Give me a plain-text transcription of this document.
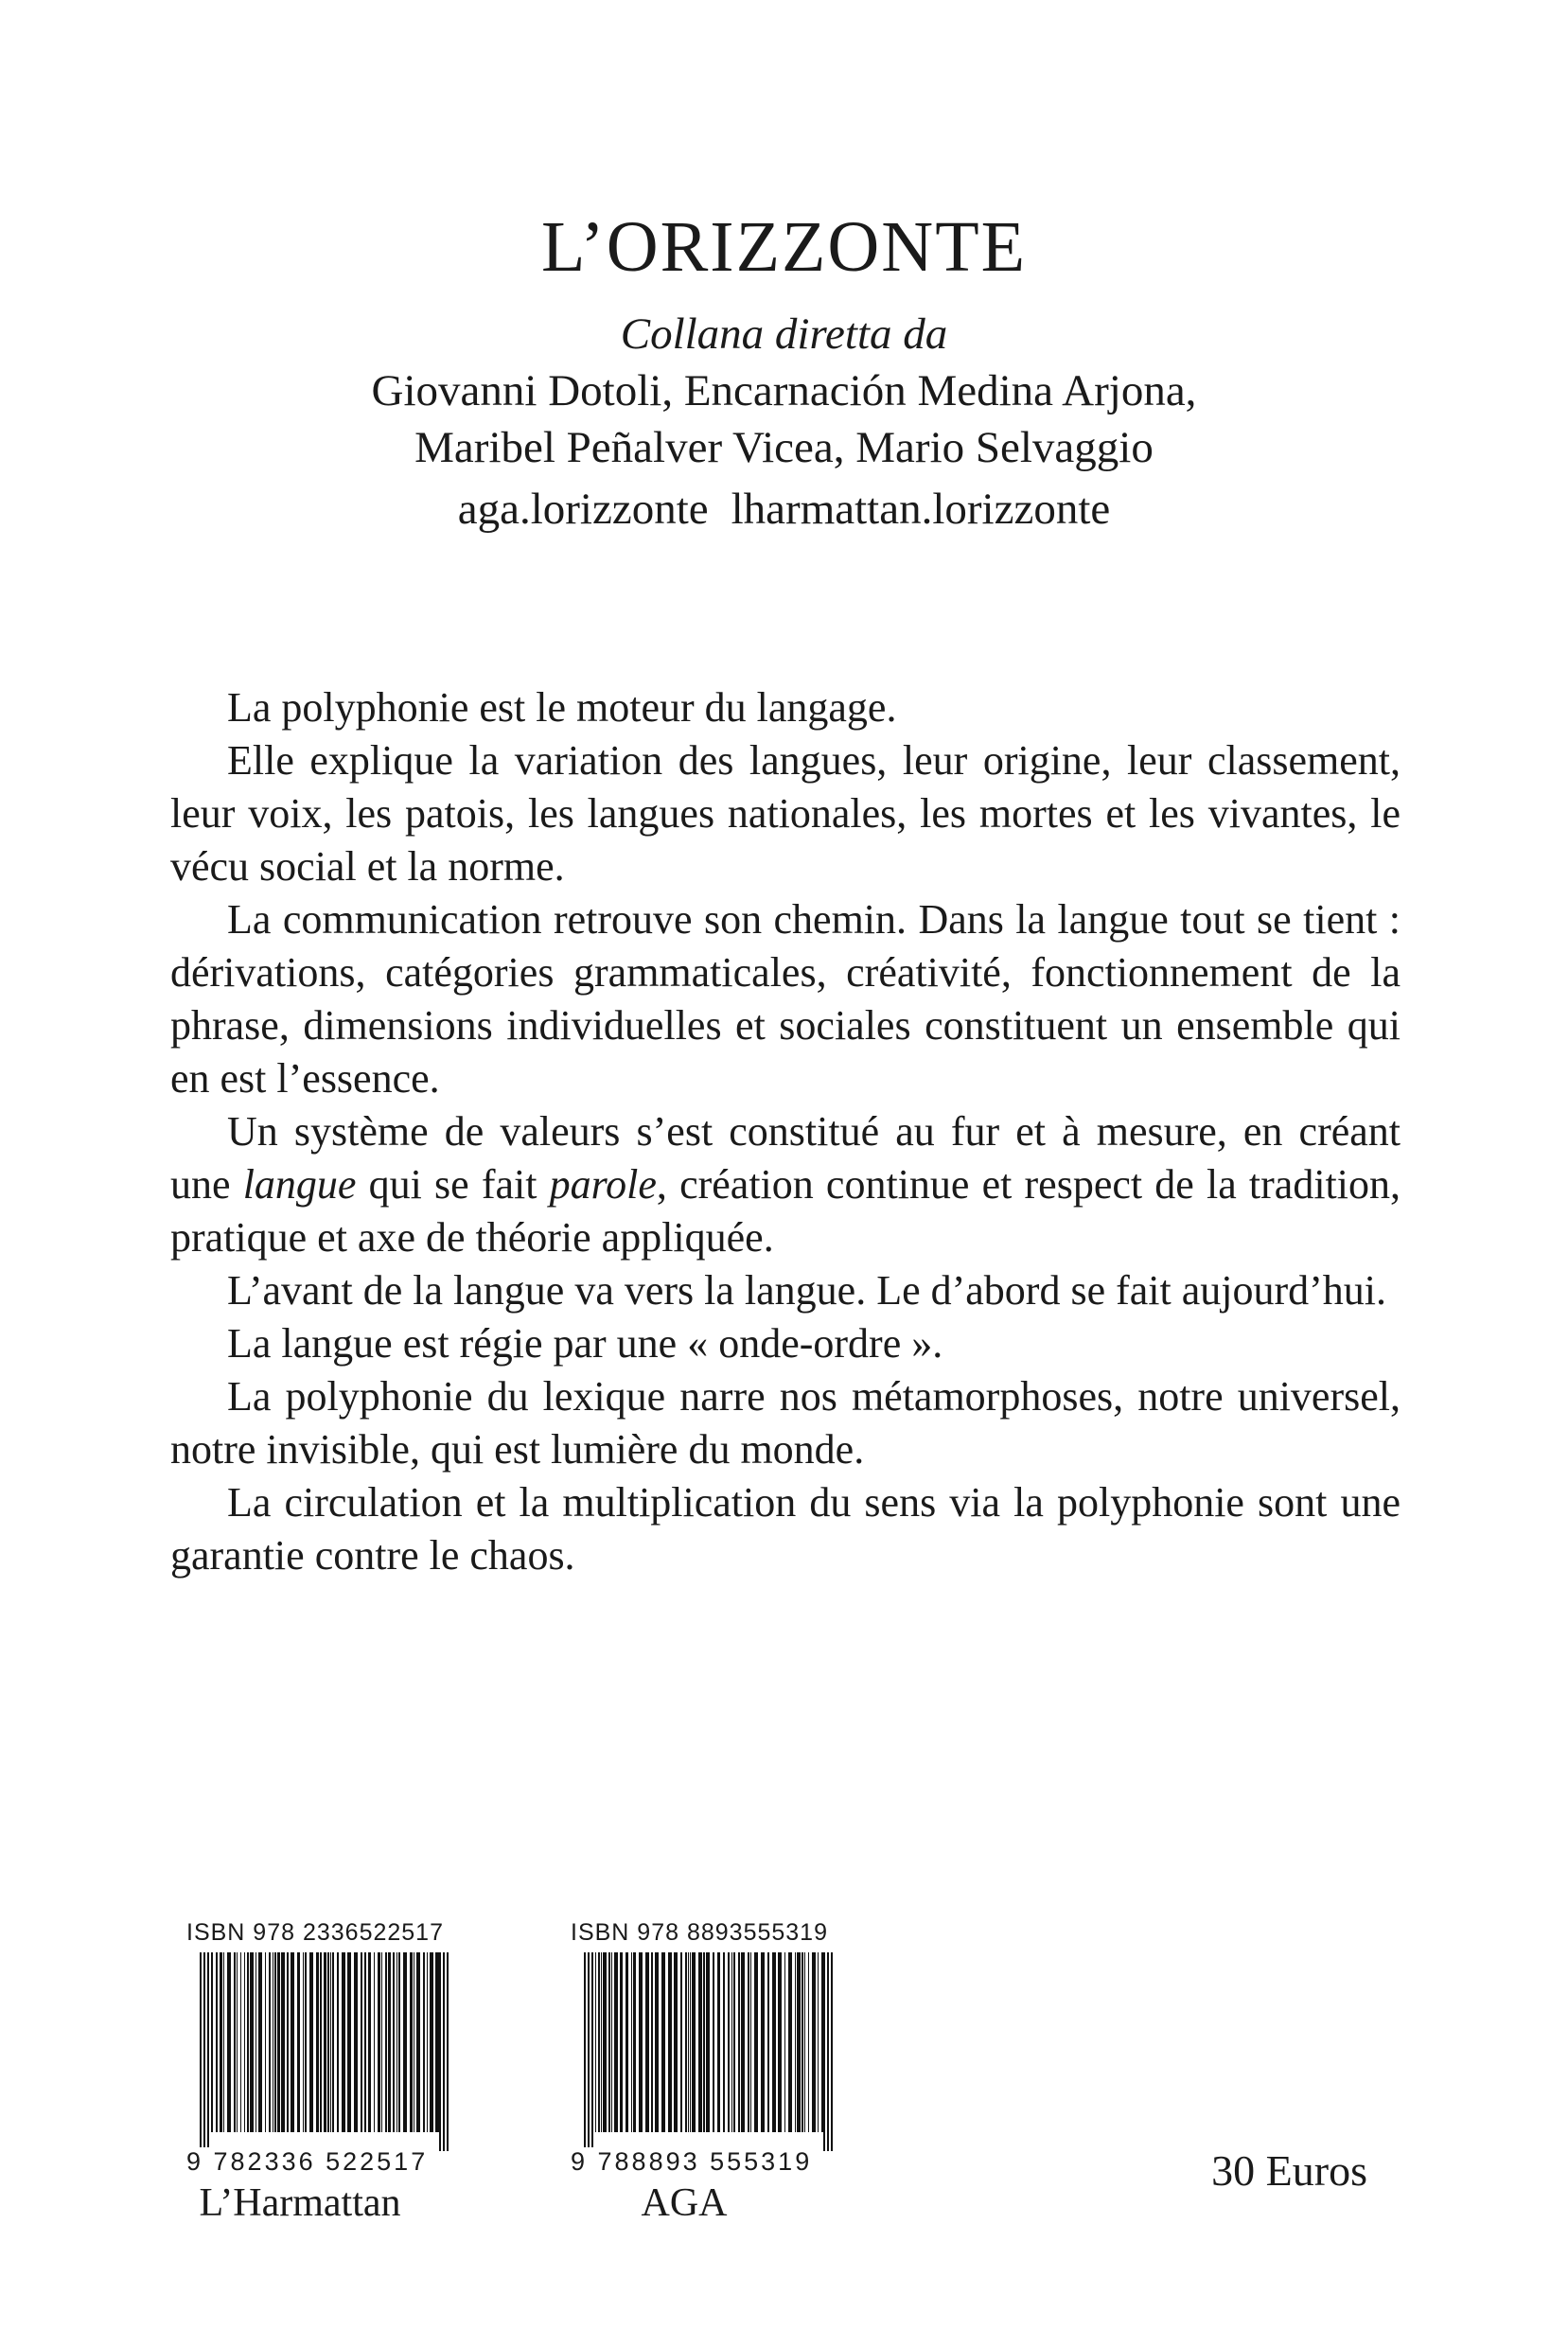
L’ORIZZONTE
Collana diretta da
Giovanni Dotoli, Encarnación Medina Arjona,
Maribel Peñalver Vicea, Mario Selvaggio
aga.lorizzonte lharmattan.lorizzonte

La polyphonie est le moteur du langage.

Elle explique la variation des langues, leur origine, leur classement, leur voix, les patois, les langues nationales, les mortes et les vivantes, le vécu social et la norme.

La communication retrouve son chemin. Dans la langue tout se tient : dérivations, catégories grammaticales, créativité, fonctionnement de la phrase, dimensions individuelles et sociales constituent un ensemble qui en est l’essence.

Un système de valeurs s’est constitué au fur et à mesure, en créant une langue qui se fait parole, création continue et respect de la tradition, pratique et axe de théorie appliquée.

L’avant de la langue va vers la langue. Le d’abord se fait aujourd’hui.

La langue est régie par une « onde-ordre ».

La polyphonie du lexique narre nos métamorphoses, notre universel, notre invisible, qui est lumière du monde.

La circulation et la multiplication du sens via la polyphonie sont une garantie contre le chaos.

ISBN 978 2336522517
9 782336 522517
L’Harmattan
ISBN 978 8893555319
9 788893 555319
AGA
30 Euros
